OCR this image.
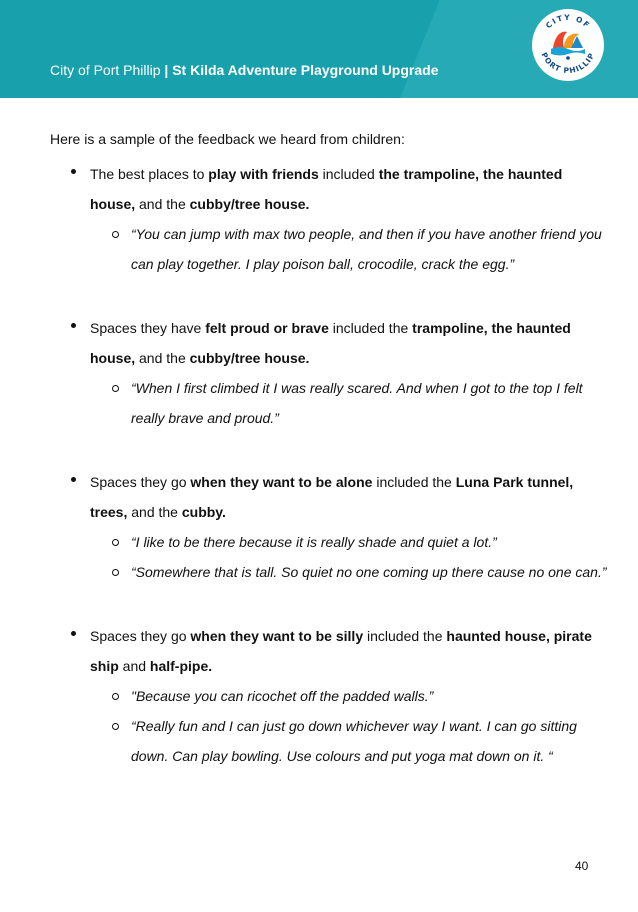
City of Port Phillip | St Kilda Adventure Playground Upgrade
CITY OF
PORT PHILLIP

Here is a sample of the feedback we heard from children:

The best places to play with friends included the trampoline, the haunted house, and the cubby/tree house.
“You can jump with max two people, and then if you have another friend you can play together. I play poison ball, crocodile, crack the egg.”
Spaces they have felt proud or brave included the trampoline, the haunted house, and the cubby/tree house.
“When I first climbed it I was really scared. And when I got to the top I felt really brave and proud.”
Spaces they go when they want to be alone included the Luna Park tunnel, trees, and the cubby.
“I like to be there because it is really shade and quiet a lot.”
“Somewhere that is tall. So quiet no one coming up there cause no one can.”
Spaces they go when they want to be silly included the haunted house, pirate ship and half-pipe.
"Because you can ricochet off the padded walls.”
“Really fun and I can just go down whichever way I want. I can go sitting down. Can play bowling. Use colours and put yoga mat down on it. “
40
